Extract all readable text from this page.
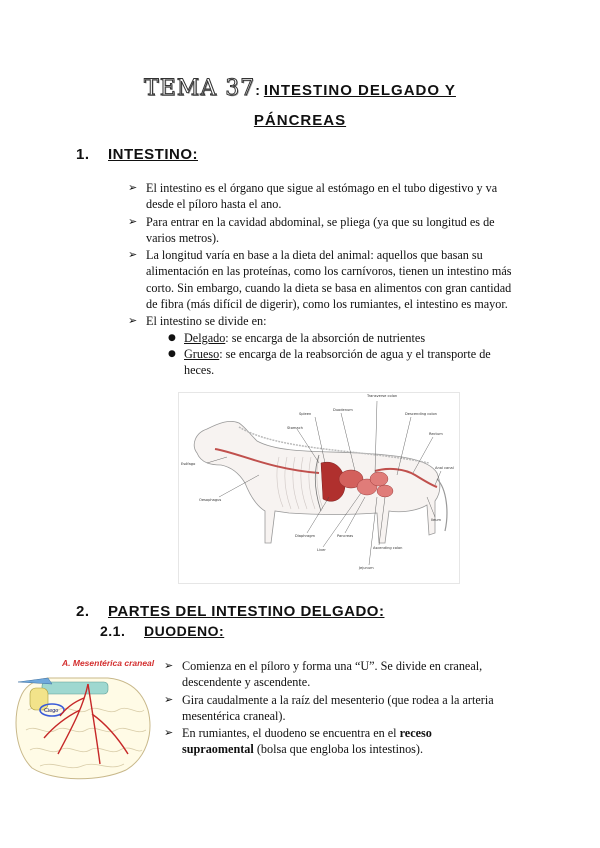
TEMA 37: INTESTINO DELGADO Y
PÁNCREAS
1. INTESTINO:
➢ El intestino es el órgano que sigue al estómago en el tubo digestivo y va desde el píloro hasta el ano.
➢ Para entrar en la cavidad abdominal, se pliega (ya que su longitud es de varios metros).
➢ La longitud varía en base a la dieta del animal: aquellos que basan su alimentación en las proteínas, como los carnívoros, tienen un intestino más corto. Sin embargo, cuando la dieta se basa en alimentos con gran cantidad de fibra (más difícil de digerir), como los rumiantes, el intestino es mayor.
➢ El intestino se divide en:
● Delgado: se encarga de la absorción de nutrientes
● Grueso: se encarga de la reabsorción de agua y el transporte de heces.
Esófago
Oesophagus
Spleen
Stomach
Duodenum
Transverse colon
Descending colon
Rectum
Anal canal
Ileum
Diaphragm
Liver
Pancreas
Ascending colon
Jejunum
2. PARTES DEL INTESTINO DELGADO:
2.1. DUODENO:
A. Mesentérica craneal
Ciego
➢ Comienza en el píloro y forma una “U”. Se divide en craneal, descendente y ascendente.
➢ Gira caudalmente a la raíz del mesenterio (que rodea a la arteria mesentérica craneal).
➢ En rumiantes, el duodeno se encuentra en el receso supraomental (bolsa que engloba los intestinos).
